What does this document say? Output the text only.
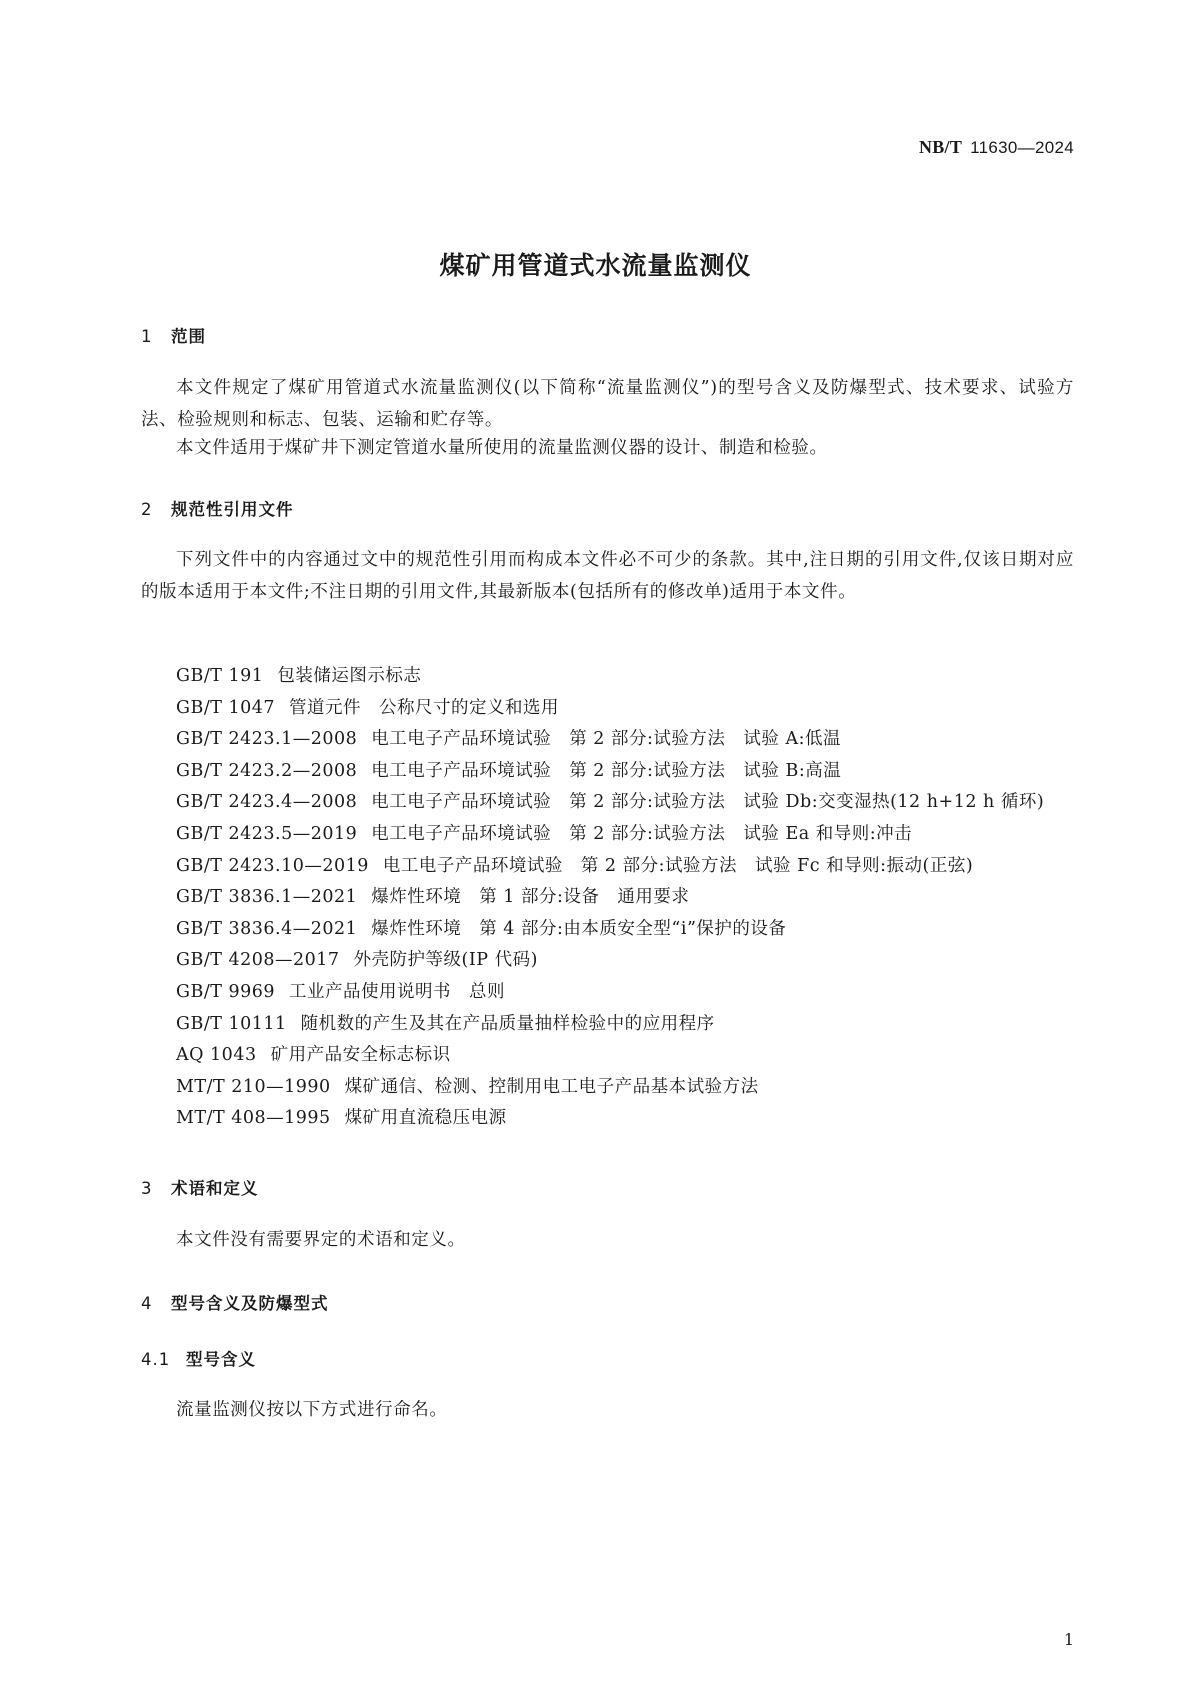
NB/T 11630—2024
煤矿用管道式水流量监测仪
1 范围
本文件规定了煤矿用管道式水流量监测仪(以下简称“流量监测仪”)的型号含义及防爆型式、技术要求、试验方法、检验规则和标志、包装、运输和贮存等。
本文件适用于煤矿井下测定管道水量所使用的流量监测仪器的设计、制造和检验。
2 规范性引用文件
下列文件中的内容通过文中的规范性引用而构成本文件必不可少的条款。其中,注日期的引用文件,仅该日期对应的版本适用于本文件;不注日期的引用文件,其最新版本(包括所有的修改单)适用于本文件。
GB/T 191 包装储运图示标志
GB/T 1047 管道元件　公称尺寸的定义和选用
GB/T 2423.1—2008 电工电子产品环境试验　第 2 部分:试验方法　试验 A:低温
GB/T 2423.2—2008 电工电子产品环境试验　第 2 部分:试验方法　试验 B:高温
GB/T 2423.4—2008 电工电子产品环境试验　第 2 部分:试验方法　试验 Db:交变湿热(12 h+12 h 循环)
GB/T 2423.5—2019 电工电子产品环境试验　第 2 部分:试验方法　试验 Ea 和导则:冲击
GB/T 2423.10—2019 电工电子产品环境试验　第 2 部分:试验方法　试验 Fc 和导则:振动(正弦)
GB/T 3836.1—2021 爆炸性环境　第 1 部分:设备　通用要求
GB/T 3836.4—2021 爆炸性环境　第 4 部分:由本质安全型“i”保护的设备
GB/T 4208—2017 外壳防护等级(IP 代码)
GB/T 9969 工业产品使用说明书　总则
GB/T 10111 随机数的产生及其在产品质量抽样检验中的应用程序
AQ 1043 矿用产品安全标志标识
MT/T 210—1990 煤矿通信、检测、控制用电工电子产品基本试验方法
MT/T 408—1995 煤矿用直流稳压电源
3 术语和定义
本文件没有需要界定的术语和定义。
4 型号含义及防爆型式
4.1 型号含义
流量监测仪按以下方式进行命名。
1
